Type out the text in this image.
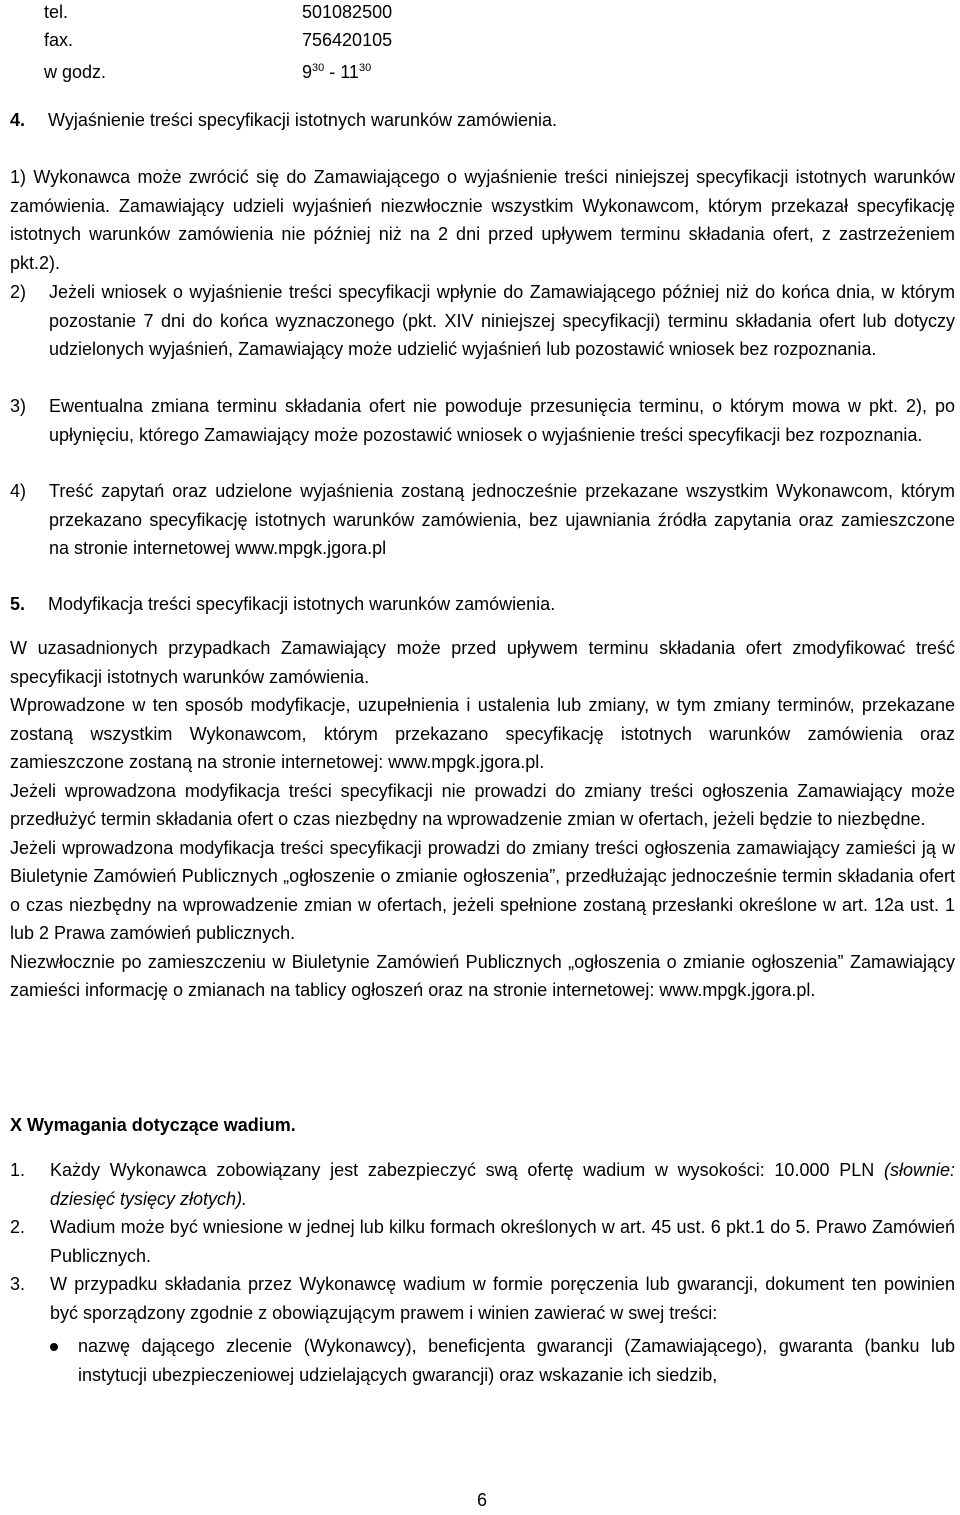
tel.	501082500
fax.	756420105
w godz.	$9^{30} - 11^{30}$
4. Wyjaśnienie treści specyfikacji istotnych warunków zamówienia.
1) Wykonawca może zwrócić się do Zamawiającego o wyjaśnienie treści niniejszej specyfikacji istotnych warunków zamówienia. Zamawiający udzieli wyjaśnień niezwłocznie wszystkim Wykonawcom, którym przekazał specyfikację istotnych warunków zamówienia nie później niż na 2 dni przed upływem terminu składania ofert, z zastrzeżeniem pkt.2).
2) Jeżeli wniosek o wyjaśnienie treści specyfikacji wpłynie do Zamawiającego później niż do końca dnia, w którym pozostanie 7 dni do końca wyznaczonego (pkt. XIV niniejszej specyfikacji) terminu składania ofert lub dotyczy udzielonych wyjaśnień, Zamawiający może udzielić wyjaśnień lub pozostawić wniosek bez rozpoznania.
3) Ewentualna zmiana terminu składania ofert nie powoduje przesunięcia terminu, o którym mowa w pkt. 2), po upłynięciu, którego Zamawiający może pozostawić wniosek o wyjaśnienie treści specyfikacji bez rozpoznania.
4) Treść zapytań oraz udzielone wyjaśnienia zostaną jednocześnie przekazane wszystkim Wykonawcom, którym przekazano specyfikację istotnych warunków zamówienia, bez ujawniania źródła zapytania oraz zamieszczone na stronie internetowej www.mpgk.jgora.pl
5. Modyfikacja treści specyfikacji istotnych warunków zamówienia.
W uzasadnionych przypadkach Zamawiający może przed upływem terminu składania ofert zmodyfikować treść specyfikacji istotnych warunków zamówienia.
Wprowadzone w ten sposób modyfikacje, uzupełnienia i ustalenia lub zmiany, w tym zmiany terminów, przekazane zostaną wszystkim Wykonawcom, którym przekazano specyfikację istotnych warunków zamówienia oraz zamieszczone zostaną na stronie internetowej: www.mpgk.jgora.pl.
Jeżeli wprowadzona modyfikacja treści specyfikacji nie prowadzi do zmiany treści ogłoszenia Zamawiający może przedłużyć termin składania ofert o czas niezbędny na wprowadzenie zmian w ofertach, jeżeli będzie to niezbędne.
Jeżeli wprowadzona modyfikacja treści specyfikacji prowadzi do zmiany treści ogłoszenia zamawiający zamieści ją w Biuletynie Zamówień Publicznych „ogłoszenie o zmianie ogłoszenia”, przedłużając jednocześnie termin składania ofert o czas niezbędny na wprowadzenie zmian w ofertach, jeżeli spełnione zostaną przesłanki określone w art. 12a ust. 1 lub 2 Prawa zamówień publicznych.
Niezwłocznie po zamieszczeniu w Biuletynie Zamówień Publicznych „ogłoszenia o zmianie ogłoszenia” Zamawiający zamieści informację o zmianach na tablicy ogłoszeń oraz na stronie internetowej: www.mpgk.jgora.pl.
X Wymagania dotyczące wadium.
1. Każdy Wykonawca zobowiązany jest zabezpieczyć swą ofertę wadium w wysokości: 10.000 PLN (słownie: dziesięć tysięcy złotych).
2. Wadium może być wniesione w jednej lub kilku formach określonych w art. 45 ust. 6 pkt.1 do 5. Prawo Zamówień Publicznych.
3. W przypadku składania przez Wykonawcę wadium w formie poręczenia lub gwarancji, dokument ten powinien być sporządzony zgodnie z obowiązującym prawem i winien zawierać w swej treści:
nazwę dającego zlecenie (Wykonawcy), beneficjenta gwarancji (Zamawiającego), gwaranta (banku lub instytucji ubezpieczeniowej udzielających gwarancji) oraz wskazanie ich siedzib,
6
